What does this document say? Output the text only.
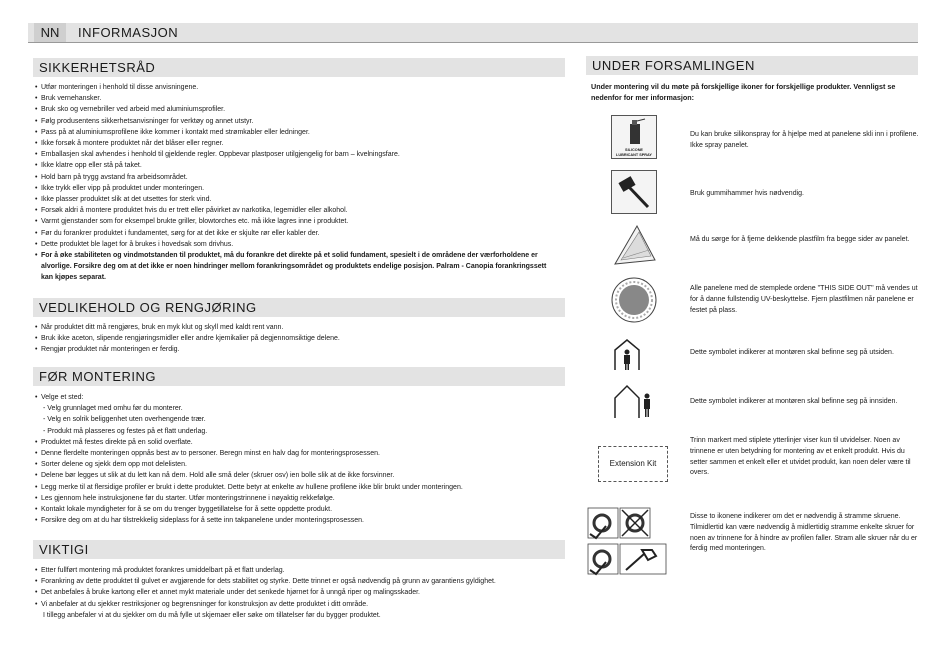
NN	INFORMASJON
SIKKERHETSRÅD
• Utfør monteringen i henhold til disse anvisningene.
• Bruk vernehansker.
• Bruk sko og vernebriller ved arbeid med aluminiumsprofiler.
• Følg produsentens sikkerhetsanvisninger for verktøy og annet utstyr.
• Pass på at aluminiumsprofilene ikke kommer i kontakt med strømkabler eller ledninger.
• Ikke forsøk å montere produktet når det blåser eller regner.
• Emballasjen skal avhendes i henhold til gjeldende regler. Oppbevar plastposer utilgjengelig for barn – kvelningsfare.
• Ikke klatre opp eller stå på taket.
• Hold barn på trygg avstand fra arbeidsområdet.
• Ikke trykk eller vipp på produktet under monteringen.
• Ikke plasser produktet slik at det utsettes for sterk vind.
• Forsøk aldri å montere produktet hvis du er trett eller påvirket av narkotika, legemidler eller alkohol.
• Varmt gjenstander som for eksempel brukte griller, blowtorches etc. må ikke lagres inne i produktet.
• Før du forankrer produktet i fundamentet, sørg for at det ikke er skjulte rør eller kabler der.
• Dette produktet ble laget for å brukes i hovedsak som drivhus.
• For å øke stabiliteten og vindmotstanden til produktet, må du forankre det direkte på et solid fundament, spesielt i de områdene der værforholdene er alvorlige. Forsikre deg om at det ikke er noen hindringer mellom forankringsområdet og produktets endelige posisjon. Palram - Canopia forankringssett kan kjøpes separat.
VEDLIKEHOLD OG RENGJØRING
• Når produktet ditt må rengjøres, bruk en myk klut og skyll med kaldt rent vann.
• Bruk ikke aceton, slipende rengjøringsmidler eller andre kjemikalier på degjennomsiktige delene.
• Rengjør produktet når monteringen er ferdig.
FØR MONTERING
• Velge et sted:
- Velg grunnlaget med omhu før du monterer.
- Velg en solrik beliggenhet uten overhengende trær.
- Produkt må plasseres og festes på et flatt underlag.
• Produktet må festes direkte på en solid overflate.
• Denne flerdelte monteringen oppnås best av to personer. Beregn minst en halv dag for monteringsprosessen.
• Sorter delene og sjekk dem opp mot delelisten.
• Delene bør legges ut slik at du lett kan nå dem. Hold alle små deler (skruer osv) ien bolle slik at de ikke forsvinner.
• Legg merke til at flersidige profiler er brukt i dette produktet. Dette betyr at enkelte av hullene profilene ikke blir brukt under monteringen.
• Les gjennom hele instruksjonene før du starter. Utfør monteringstrinnene i nøyaktig rekkefølge.
• Kontakt lokale myndigheter for å se om du trenger byggetillatelse for å sette oppdette produkt.
• Forsikre deg om at du har tilstrekkelig sideplass for å sette inn takpanelene under monteringsprosessen.
VIKTIGI
• Etter fullført montering må produktet forankres umiddelbart på et flatt underlag.
• Forankring av dette produktet til gulvet er avgjørende for dets stabilitet og styrke. Dette trinnet er også nødvendig på grunn av garantiens gyldighet.
• Det anbefales å bruke kartong eller et annet mykt materiale under det senkede hjørnet for å unngå riper og malingsskader.
• Vi anbefaler at du sjekker restriksjoner og begrensninger for konstruksjon av dette produktet i ditt område.
I tillegg anbefaler vi at du sjekker om du må fylle ut skjemaer eller søke om tillatelser før du bygger produktet.
UNDER FORSAMLINGEN
Under montering vil du møte på forskjellige ikoner for forskjellige produkter. Vennligst se nedenfor for mer informasjon:
SILICONE
LUBRICANT SPRAY
Du kan bruke silikonspray for å hjelpe med at panelene skli inn i profilene. Ikke spray panelet.
Bruk gummihammer hvis nødvendig.
Må du sørge for å fjerne dekkende plastfilm fra begge sider av panelet.
Alle panelene med de stemplede ordene "THIS SIDE OUT" må vendes ut for å danne fullstendig UV-beskyttelse. Fjern plastfilmen når panelene er festet på plass.
Dette symbolet indikerer at montøren skal befinne seg på utsiden.
Dette symbolet indikerer at montøren skal befinne seg på innsiden.
Extension Kit
Trinn markert med stiplete ytterlinjer viser kun til utvidelser. Noen av trinnene er uten betydning for montering av et enkelt produkt. Hvis du setter sammen et enkelt eller et utvidet produkt, kan noen deler være til overs.
Disse to ikonene indikerer om det er nødvendig å stramme skruene. Tilmidlertid kan være nødvendig å midlertidig stramme enkelte skruer for noen av trinnene for å hindre av profilen faller. Stram alle skruer når du er ferdig med monteringen.
